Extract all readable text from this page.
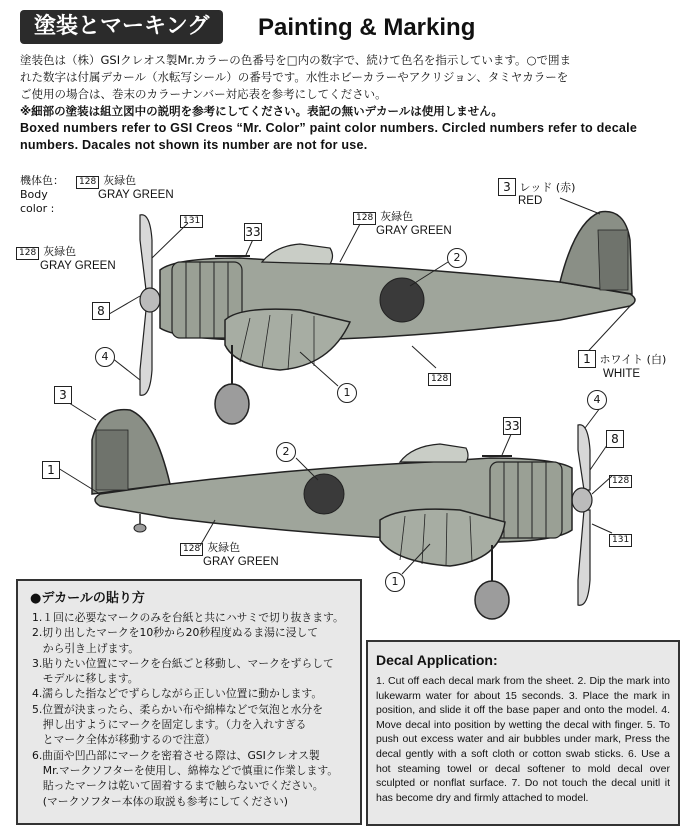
塗装とマーキング	Painting & Marking
塗装色は（株）GSIクレオス製Mr.カラーの色番号を□内の数字で、続けて色名を指示しています。○で囲ま
れた数字は付属デカール（水転写シール）の番号です。水性ホビーカラーやアクリジョン、タミヤカラーを
ご使用の場合は、巻末のカラーナンバー対応表を参考にしてください。
※細部の塗装は組立図中の説明を参考にしてください。表記の無いデカールは使用しません。
Boxed numbers refer to GSI Creos “Mr. Color” paint color numbers. Circled numbers refer to decale
numbers. Dacales not shown its number are not for use.
機体色：
Body
color :
128 灰緑色
GRAY GREEN
3 レッド (赤)
RED
131
33
128 灰緑色
GRAY GREEN
128 灰緑色
GRAY GREEN
2
8
4	1 ホワイト (白)
WHITE
128
1
3
1
4
33
8
2
128
131
128 灰緑色
GRAY GREEN
1
●デカールの貼り方
1.１回に必要なマークのみを台紙と共にハサミで切り抜きます。
2.切り出したマークを10秒から20秒程度ぬるま湯に浸して
　から引き上げます。
3.貼りたい位置にマークを台紙ごと移動し、マークをずらして
　モデルに移します。
4.濡らした指などでずらしながら正しい位置に動かします。
5.位置が決まったら、柔らかい布や綿棒などで気泡と水分を
　押し出すようにマークを固定します。（力を入れすぎる
　とマーク全体が移動するので注意）
6.曲面や凹凸部にマークを密着させる際は、GSIクレオス製
　Mr.マークソフターを使用し、綿棒などで慎重に作業します。
　貼ったマークは乾いて固着するまで触らないでください。
　(マークソフター本体の取説も参考にしてください)
Decal Application:

1. Cut off each decal mark from the sheet. 2. Dip the mark into lukewarm water for about 15 seconds. 3. Place the mark in position, and slide it off the base paper and onto the model. 4. Move decal into position by wetting the decal with finger. 5. To push out excess water and air bubbles under mark, Press the decal gently with a soft cloth or cotton swab sticks. 6. Use a hot steaming towel or decal softener to mold decal over sculpted or nonflat surface. 7. Do not touch the decal unitl it has become dry and firmly attached to model.
